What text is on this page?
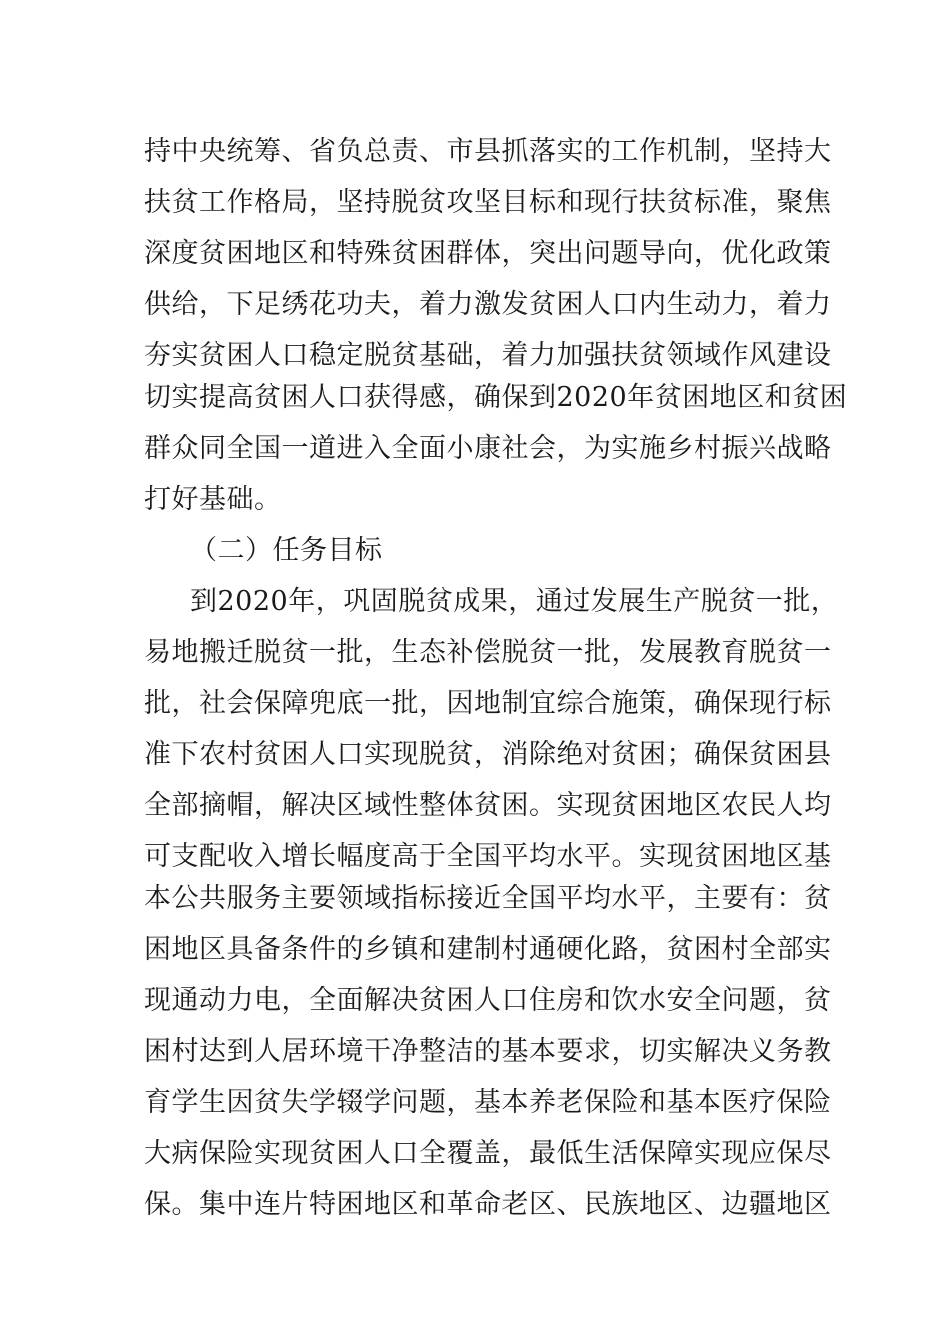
持中央统筹、省负总责、市县抓落实的工作机制，坚持大
扶贫工作格局，坚持脱贫攻坚目标和现行扶贫标准，聚焦
深度贫困地区和特殊贫困群体，突出问题导向，优化政策
供给，下足绣花功夫，着力激发贫困人口内生动力，着力
夯实贫困人口稳定脱贫基础，着力加强扶贫领域作风建设
切实提高贫困人口获得感，确保到2020年贫困地区和贫困
群众同全国一道进入全面小康社会，为实施乡村振兴战略
打好基础。
（二）任务目标
到2020年，巩固脱贫成果，通过发展生产脱贫一批，
易地搬迁脱贫一批，生态补偿脱贫一批，发展教育脱贫一
批，社会保障兜底一批，因地制宜综合施策，确保现行标
准下农村贫困人口实现脱贫，消除绝对贫困；确保贫困县
全部摘帽，解决区域性整体贫困。实现贫困地区农民人均
可支配收入增长幅度高于全国平均水平。实现贫困地区基
本公共服务主要领域指标接近全国平均水平，主要有：贫
困地区具备条件的乡镇和建制村通硬化路，贫困村全部实
现通动力电，全面解决贫困人口住房和饮水安全问题，贫
困村达到人居环境干净整洁的基本要求，切实解决义务教
育学生因贫失学辍学问题，基本养老保险和基本医疗保险
大病保险实现贫困人口全覆盖，最低生活保障实现应保尽
保。集中连片特困地区和革命老区、民族地区、边疆地区
